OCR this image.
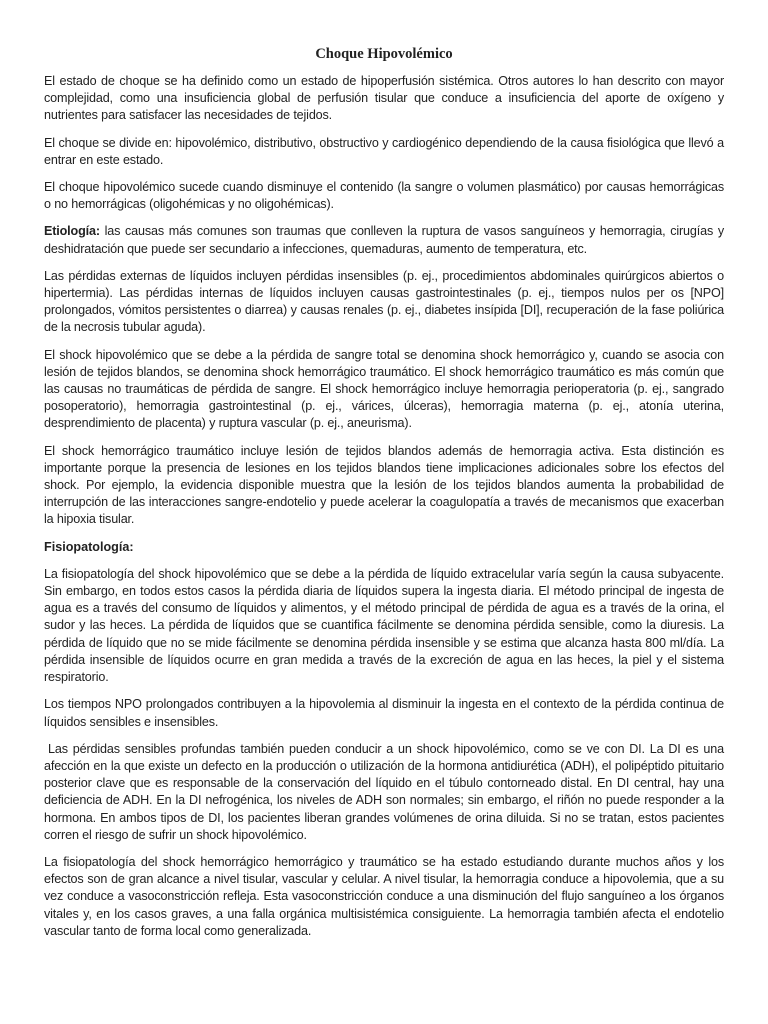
Choque Hipovolémico

El estado de choque se ha definido como un estado de hipoperfusión sistémica. Otros autores lo han descrito con mayor complejidad, como una insuficiencia global de perfusión tisular que conduce a insuficiencia del aporte de oxígeno y nutrientes para satisfacer las necesidades de tejidos.

El choque se divide en: hipovolémico, distributivo, obstructivo y cardiogénico dependiendo de la causa fisiológica que llevó a entrar en este estado.

El choque hipovolémico sucede cuando disminuye el contenido (la sangre o volumen plasmático) por causas hemorrágicas o no hemorrágicas (oligohémicas y no oligohémicas).

Etiología: las causas más comunes son traumas que conlleven la ruptura de vasos sanguíneos y hemorragia, cirugías y deshidratación que puede ser secundario a infecciones, quemaduras, aumento de temperatura, etc.

Las pérdidas externas de líquidos incluyen pérdidas insensibles (p. ej., procedimientos abdominales quirúrgicos abiertos o hipertermia). Las pérdidas internas de líquidos incluyen causas gastrointestinales (p. ej., tiempos nulos per os [NPO] prolongados, vómitos persistentes o diarrea) y causas renales (p. ej., diabetes insípida [DI], recuperación de la fase poliúrica de la necrosis tubular aguda).

El shock hipovolémico que se debe a la pérdida de sangre total se denomina shock hemorrágico y, cuando se asocia con lesión de tejidos blandos, se denomina shock hemorrágico traumático. El shock hemorrágico traumático es más común que las causas no traumáticas de pérdida de sangre. El shock hemorrágico incluye hemorragia perioperatoria (p. ej., sangrado posoperatorio), hemorragia gastrointestinal (p. ej., várices, úlceras), hemorragia materna (p. ej., atonía uterina, desprendimiento de placenta) y ruptura vascular (p. ej., aneurisma).

El shock hemorrágico traumático incluye lesión de tejidos blandos además de hemorragia activa. Esta distinción es importante porque la presencia de lesiones en los tejidos blandos tiene implicaciones adicionales sobre los efectos del shock. Por ejemplo, la evidencia disponible muestra que la lesión de los tejidos blandos aumenta la probabilidad de interrupción de las interacciones sangre-endotelio y puede acelerar la coagulopatía a través de mecanismos que exacerban la hipoxia tisular.

Fisiopatología:

La fisiopatología del shock hipovolémico que se debe a la pérdida de líquido extracelular varía según la causa subyacente. Sin embargo, en todos estos casos la pérdida diaria de líquidos supera la ingesta diaria. El método principal de ingesta de agua es a través del consumo de líquidos y alimentos, y el método principal de pérdida de agua es a través de la orina, el sudor y las heces. La pérdida de líquidos que se cuantifica fácilmente se denomina pérdida sensible, como la diuresis. La pérdida de líquido que no se mide fácilmente se denomina pérdida insensible y se estima que alcanza hasta 800 ml/día. La pérdida insensible de líquidos ocurre en gran medida a través de la excreción de agua en las heces, la piel y el sistema respiratorio.

Los tiempos NPO prolongados contribuyen a la hipovolemia al disminuir la ingesta en el contexto de la pérdida continua de líquidos sensibles e insensibles.

Las pérdidas sensibles profundas también pueden conducir a un shock hipovolémico, como se ve con DI. La DI es una afección en la que existe un defecto en la producción o utilización de la hormona antidiurética (ADH), el polipéptido pituitario posterior clave que es responsable de la conservación del líquido en el túbulo contorneado distal. En DI central, hay una deficiencia de ADH. En la DI nefrogénica, los niveles de ADH son normales; sin embargo, el riñón no puede responder a la hormona. En ambos tipos de DI, los pacientes liberan grandes volúmenes de orina diluida. Si no se tratan, estos pacientes corren el riesgo de sufrir un shock hipovolémico.

La fisiopatología del shock hemorrágico hemorrágico y traumático se ha estado estudiando durante muchos años y los efectos son de gran alcance a nivel tisular, vascular y celular. A nivel tisular, la hemorragia conduce a hipovolemia, que a su vez conduce a vasoconstricción refleja. Esta vasoconstricción conduce a una disminución del flujo sanguíneo a los órganos vitales y, en los casos graves, a una falla orgánica multisistémica consiguiente. La hemorragia también afecta el endotelio vascular tanto de forma local como generalizada.
